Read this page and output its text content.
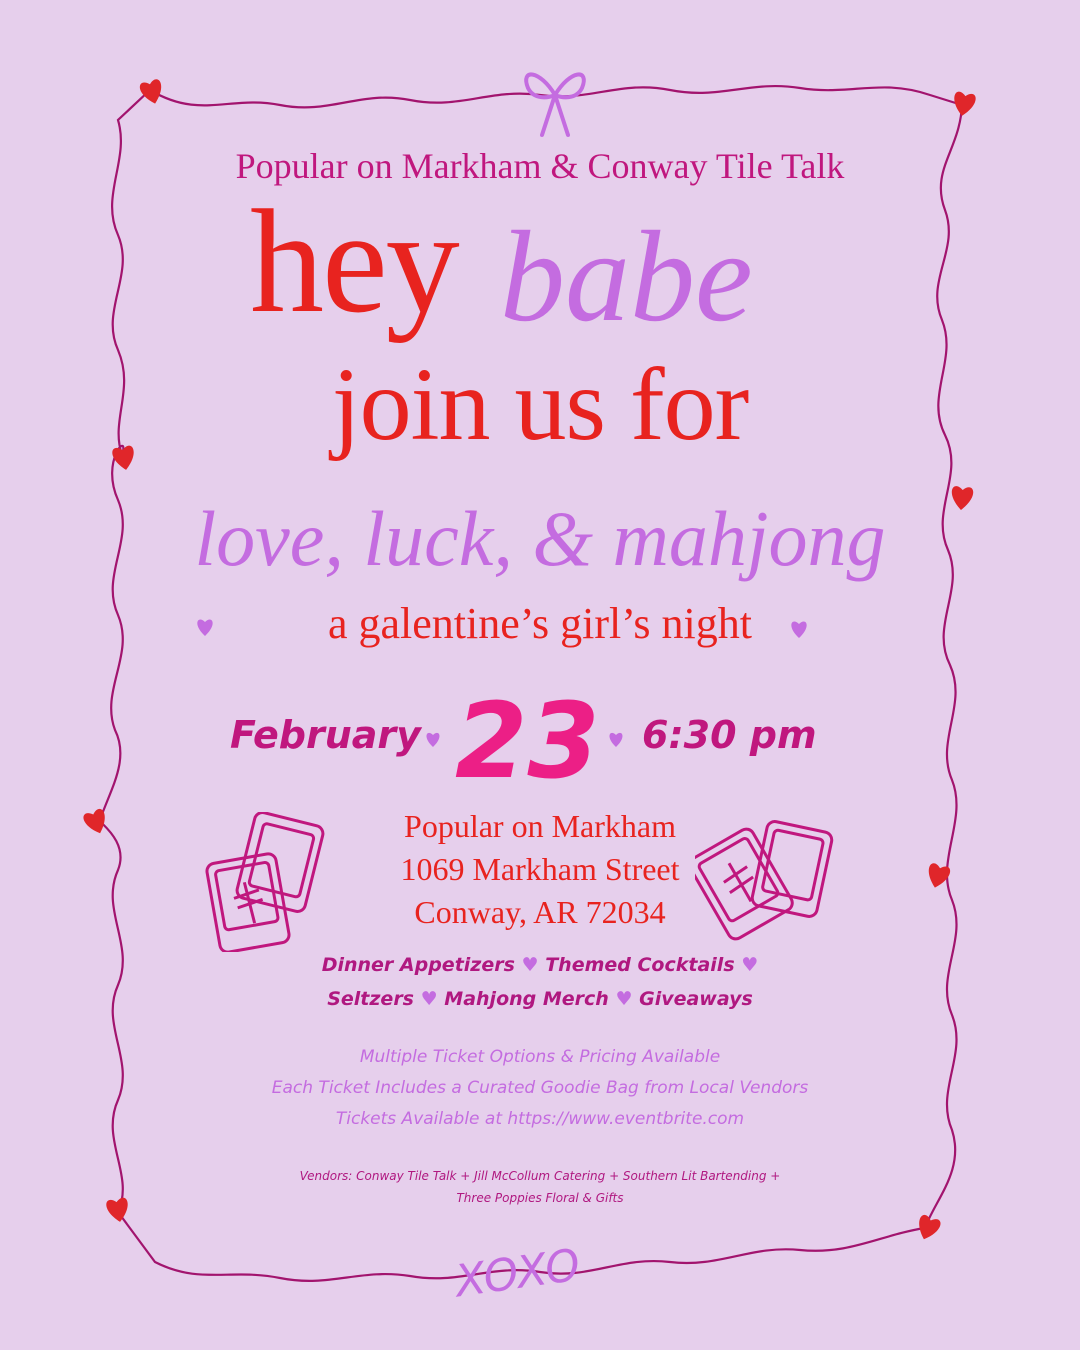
Popular on Markham & Conway Tile Talk
hey babe
join us for
love, luck, & mahjong
a galentine’s girl’s night
February 23 6:30 pm
Popular on Markham
1069 Markham Street
Conway, AR 72034
Dinner Appetizers ♥ Themed Cocktails ♥
Seltzers ♥ Mahjong Merch ♥ Giveaways
Multiple Ticket Options & Pricing Available
Each Ticket Includes a Curated Goodie Bag from Local Vendors
Tickets Available at https://www.eventbrite.com
Vendors: Conway Tile Talk + Jill McCollum Catering + Southern Lit Bartending +
Three Poppies Floral & Gifts
XOXO
